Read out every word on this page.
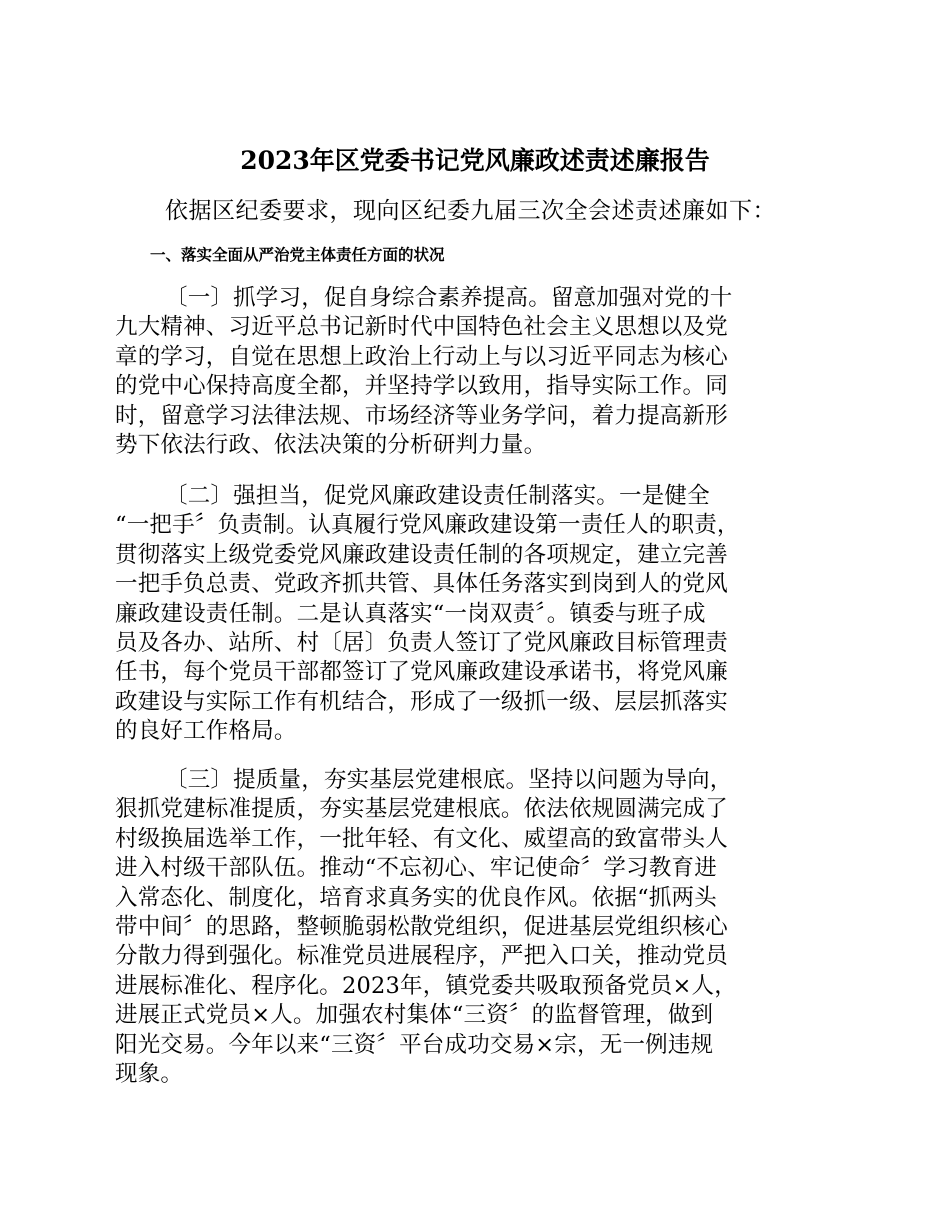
2023年区党委书记党风廉政述责述廉报告
依据区纪委要求，现向区纪委九届三次全会述责述廉如下：
一、落实全面从严治党主体责任方面的状况
〔一〕抓学习，促自身综合素养提高。留意加强对党的十
九大精神、习近平总书记新时代中国特色社会主义思想以及党
章的学习，自觉在思想上政治上行动上与以习近平同志为核心
的党中心保持高度全都，并坚持学以致用，指导实际工作。同
时，留意学习法律法规、市场经济等业务学问，着力提高新形
势下依法行政、依法决策的分析研判力量。
〔二〕强担当，促党风廉政建设责任制落实。一是健全
“一把手〞负责制。认真履行党风廉政建设第一责任人的职责，
贯彻落实上级党委党风廉政建设责任制的各项规定，建立完善
一把手负总责、党政齐抓共管、具体任务落实到岗到人的党风
廉政建设责任制。二是认真落实“一岗双责〞。镇委与班子成
员及各办、站所、村〔居〕负责人签订了党风廉政目标管理责
任书，每个党员干部都签订了党风廉政建设承诺书，将党风廉
政建设与实际工作有机结合，形成了一级抓一级、层层抓落实
的良好工作格局。
〔三〕提质量，夯实基层党建根底。坚持以问题为导向，
狠抓党建标准提质，夯实基层党建根底。依法依规圆满完成了
村级换届选举工作，一批年轻、有文化、威望高的致富带头人
进入村级干部队伍。推动“不忘初心、牢记使命〞学习教育进
入常态化、制度化，培育求真务实的优良作风。依据“抓两头
带中间〞的思路，整顿脆弱松散党组织，促进基层党组织核心
分散力得到强化。标准党员进展程序，严把入口关，推动党员
进展标准化、程序化。2023年，镇党委共吸取预备党员×人，
进展正式党员×人。加强农村集体“三资〞的监督管理，做到
阳光交易。今年以来“三资〞平台成功交易×宗，无一例违规
现象。
